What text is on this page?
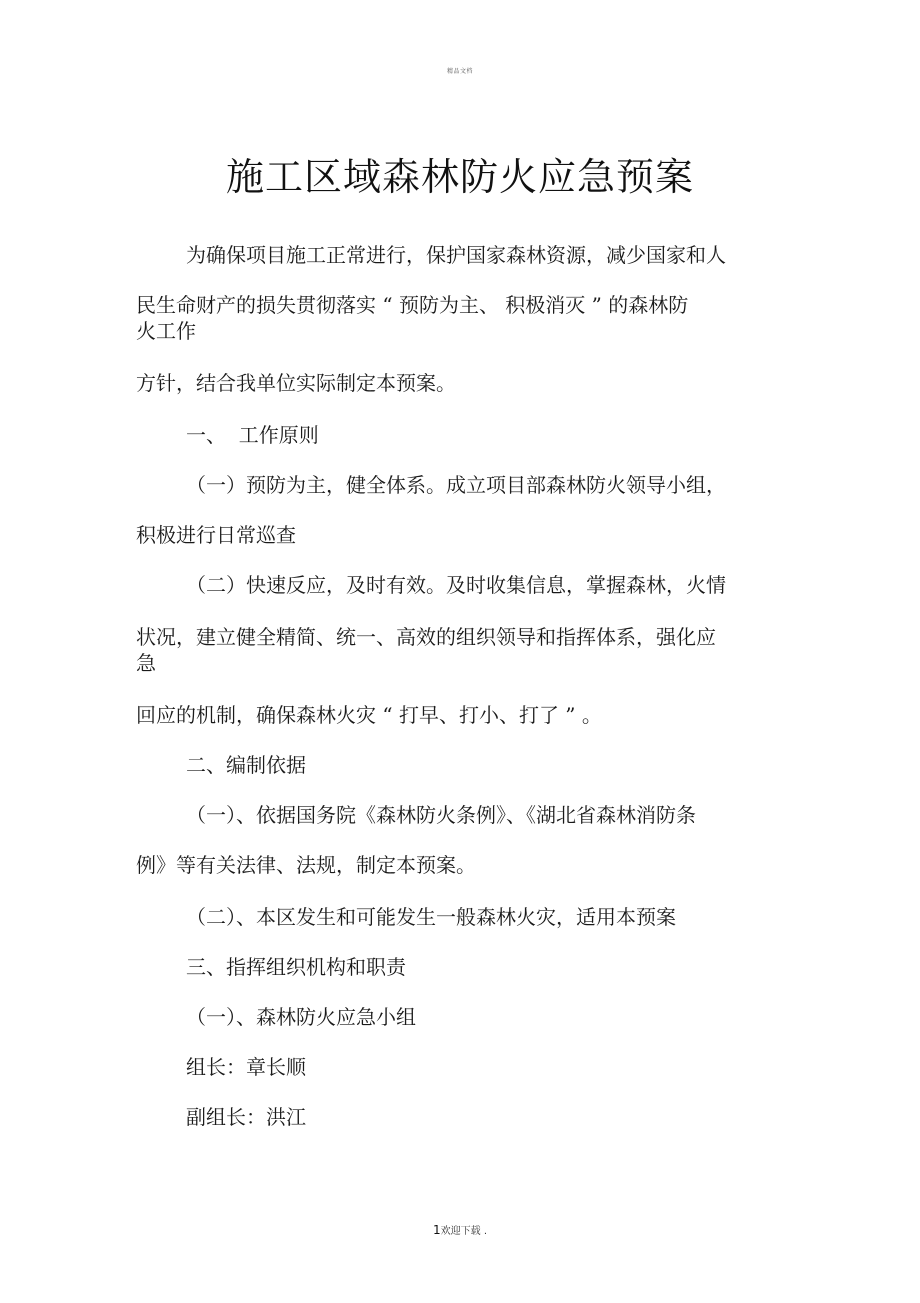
精品文档
施工区域森林防火应急预案
为确保项目施工正常进行，保护国家森林资源，减少国家和人
民生命财产的损失贯彻落实 “ 预防为主、 积极消灭 ” 的森林防
火工作
方针，结合我单位实际制定本预案。
一、  工作原则
（一）预防为主，健全体系。成立项目部森林防火领导小组，
积极进行日常巡查
（二）快速反应，及时有效。及时收集信息，掌握森林，火情
状况，建立健全精简、统一、高效的组织领导和指挥体系，强化应
急
回应的机制，确保森林火灾 “ 打早、打小、打了 ” 。
二、编制依据
（一）、依据国务院《森林防火条例》、《湖北省森林消防条
例》等有关法律、法规，制定本预案。
（二）、本区发生和可能发生一般森林火灾，适用本预案
三、指挥组织机构和职责
（一）、森林防火应急小组
组长：章长顺
副组长：洪江
1欢迎下载 .
